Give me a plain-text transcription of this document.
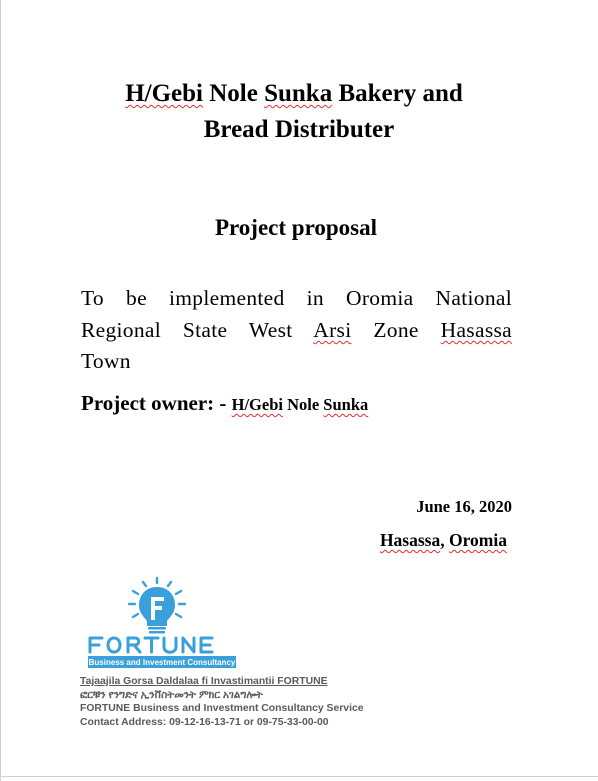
H/Gebi Nole Sunka Bakery and
Bread Distributer
Project proposal
To be implemented in Oromia National
Regional State West Arsi Zone Hasassa
Town
Project owner: - H/Gebi Nole Sunka
June 16, 2020
Hasassa, Oromia
Business and Investment Consultancy
Tajaajila Gorsa Daldalaa fi Invastimantii FORTUNE
ፎርቹን የንግድና ኢንቨስትመንት ምክር አገልግሎት
FORTUNE Business and Investment Consultancy Service
Contact Address: 09-12-16-13-71 or 09-75-33-00-00
